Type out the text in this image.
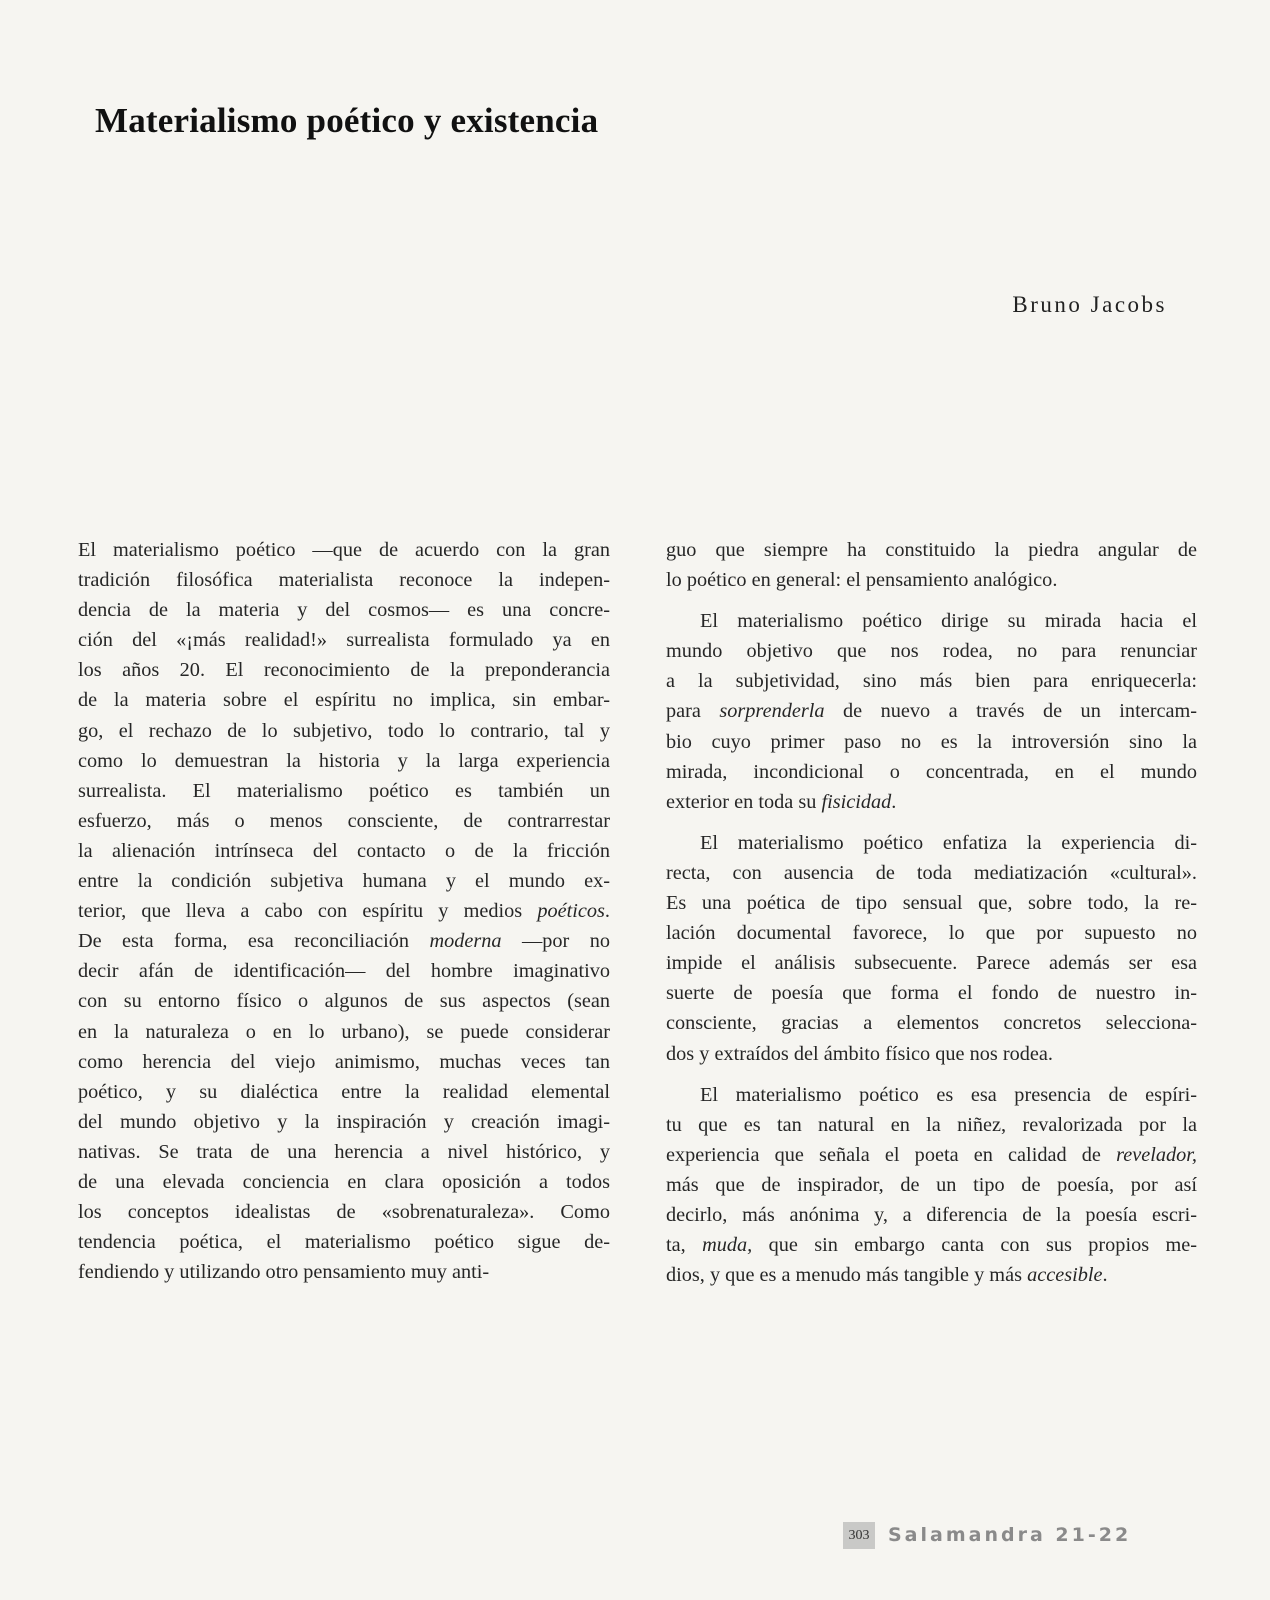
Materialismo poético y existencia
Bruno Jacobs
El materialismo poético —que de acuerdo con la gran
tradición filosófica materialista reconoce la indepen-
dencia de la materia y del cosmos— es una concre-
ción del «¡más realidad!» surrealista formulado ya en
los años 20. El reconocimiento de la preponderancia
de la materia sobre el espíritu no implica, sin embar-
go, el rechazo de lo subjetivo, todo lo contrario, tal y
como lo demuestran la historia y la larga experiencia
surrealista. El materialismo poético es también un
esfuerzo, más o menos consciente, de contrarrestar
la alienación intrínseca del contacto o de la fricción
entre la condición subjetiva humana y el mundo ex-
terior, que lleva a cabo con espíritu y medios poéticos.
De esta forma, esa reconciliación moderna —por no
decir afán de identificación— del hombre imaginativo
con su entorno físico o algunos de sus aspectos (sean
en la naturaleza o en lo urbano), se puede considerar
como herencia del viejo animismo, muchas veces tan
poético, y su dialéctica entre la realidad elemental
del mundo objetivo y la inspiración y creación imagi-
nativas. Se trata de una herencia a nivel histórico, y
de una elevada conciencia en clara oposición a todos
los conceptos idealistas de «sobrenaturaleza». Como
tendencia poética, el materialismo poético sigue de-
fendiendo y utilizando otro pensamiento muy anti-
guo que siempre ha constituido la piedra angular de
lo poético en general: el pensamiento analógico.
El materialismo poético dirige su mirada hacia el
mundo objetivo que nos rodea, no para renunciar
a la subjetividad, sino más bien para enriquecerla:
para sorprenderla de nuevo a través de un intercam-
bio cuyo primer paso no es la introversión sino la
mirada, incondicional o concentrada, en el mundo
exterior en toda su fisicidad.
El materialismo poético enfatiza la experiencia di-
recta, con ausencia de toda mediatización «cultural».
Es una poética de tipo sensual que, sobre todo, la re-
lación documental favorece, lo que por supuesto no
impide el análisis subsecuente. Parece además ser esa
suerte de poesía que forma el fondo de nuestro in-
consciente, gracias a elementos concretos selecciona-
dos y extraídos del ámbito físico que nos rodea.
El materialismo poético es esa presencia de espíri-
tu que es tan natural en la niñez, revalorizada por la
experiencia que señala el poeta en calidad de revelador,
más que de inspirador, de un tipo de poesía, por así
decirlo, más anónima y, a diferencia de la poesía escri-
ta, muda, que sin embargo canta con sus propios me-
dios, y que es a menudo más tangible y más accesible.
303 Salamandra 21-22
